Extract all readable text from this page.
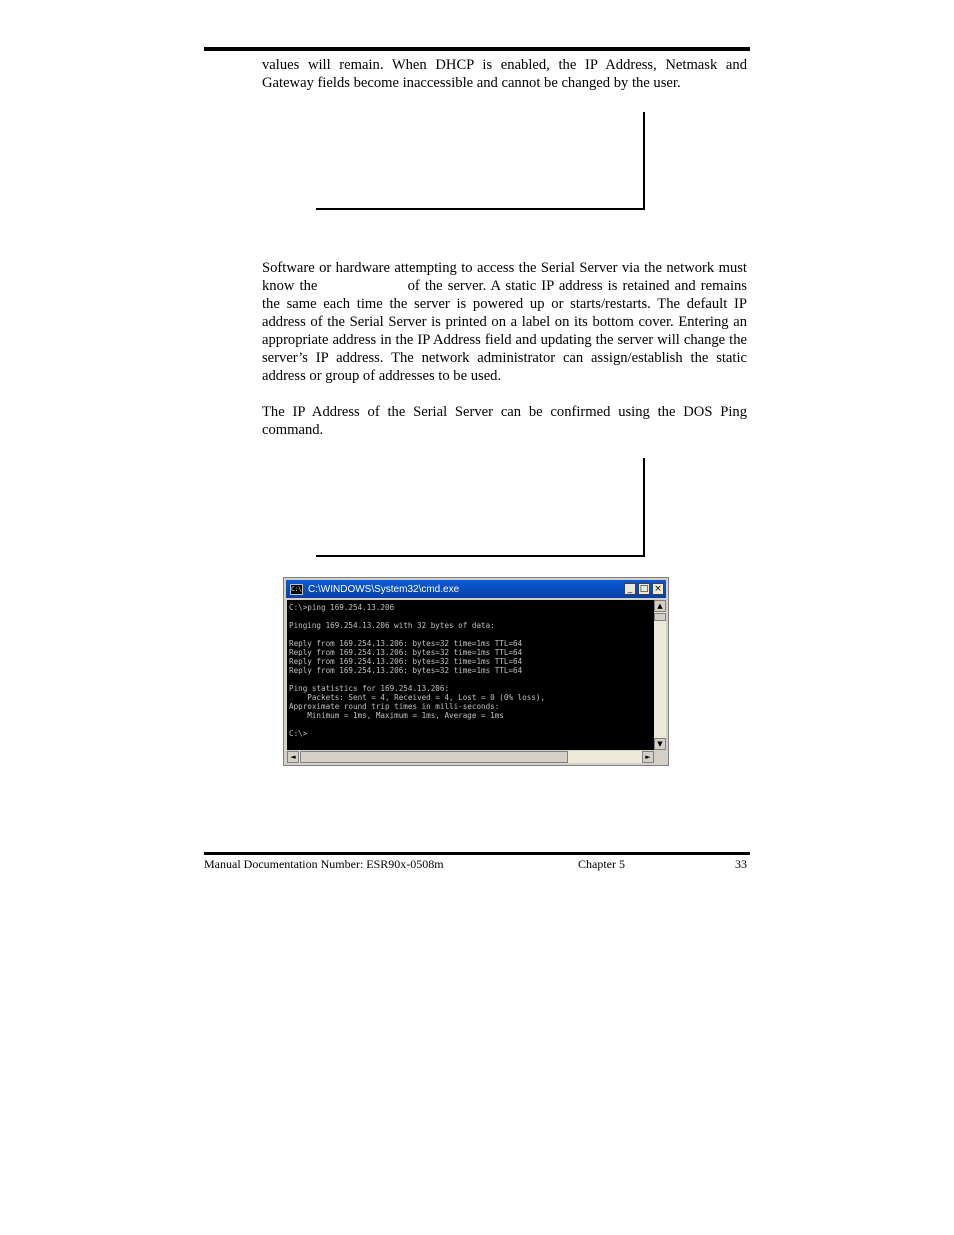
values will remain. When DHCP is enabled, the IP Address, Netmask and Gateway fields become inaccessible and cannot be changed by the user.

Software or hardware attempting to access the Serial Server via the network must know the	of the server. A static IP address is retained and remains the same each time the server is powered up or starts/restarts. The default IP address of the Serial Server is printed on a label on its bottom cover. Entering an appropriate address in the IP Address field and updating the server will change the server’s IP address. The network administrator can assign/establish the static address or group of addresses to be used.

The IP Address of the Serial Server can be confirmed using the DOS Ping command.

C:\ C:\WINDOWS\System32\cmd.exe	_ □ ×
C:\>ping 169.254.13.206

Pinging 169.254.13.206 with 32 bytes of data:

Reply from 169.254.13.206: bytes=32 time=1ms TTL=64
Reply from 169.254.13.206: bytes=32 time=1ms TTL=64
Reply from 169.254.13.206: bytes=32 time=1ms TTL=64
Reply from 169.254.13.206: bytes=32 time=1ms TTL=64

Ping statistics for 169.254.13.206:
Packets: Sent = 4, Received = 4, Lost = 0 (0% loss),
Approximate round trip times in milli-seconds:
Minimum = 1ms, Maximum = 1ms, Average = 1ms

C:\>
▲
▼
◄	►
Manual Documentation Number: ESR90x-0508m	Chapter 5	33
